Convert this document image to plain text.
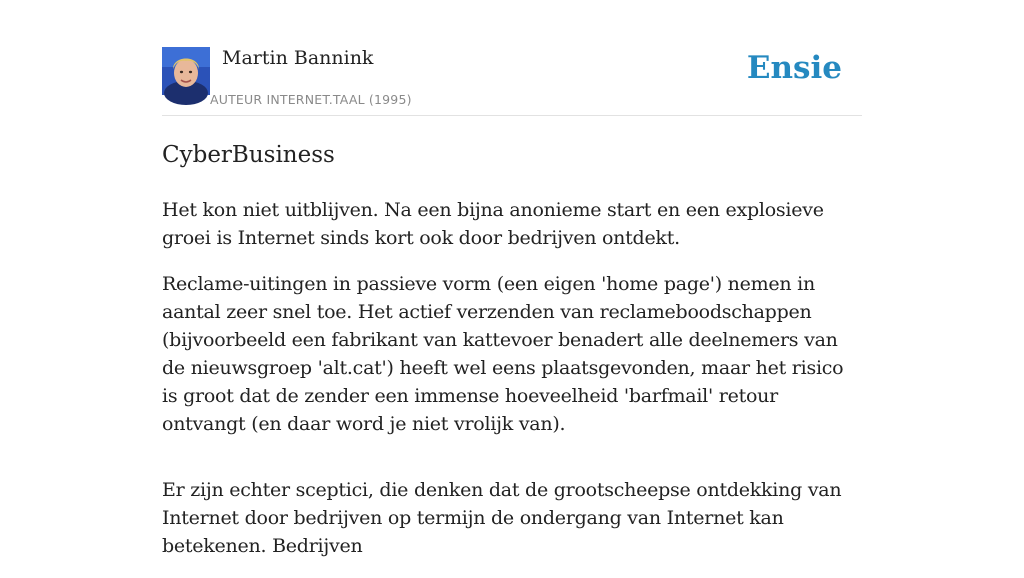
Martin Bannink
AUTEUR INTERNET.TAAL (1995)
Ensie
CyberBusiness

Het kon niet uitblijven. Na een bijna anonieme start en een explosieve groei is Internet sinds kort ook door bedrijven ontdekt.

Reclame-uitingen in passieve vorm (een eigen 'home page') nemen in aantal zeer snel toe. Het actief verzenden van reclameboodschappen (bijvoorbeeld een fabrikant van kattevoer benadert alle deelnemers van de nieuwsgroep 'alt.cat') heeft wel eens plaatsgevonden, maar het risico is groot dat de zender een immense hoeveelheid 'barfmail' retour ontvangt (en daar word je niet vrolijk van).

Er zijn echter sceptici, die denken dat de grootscheepse ontdekking van Internet door bedrijven op termijn de ondergang van Internet kan betekenen. Bedrijven
